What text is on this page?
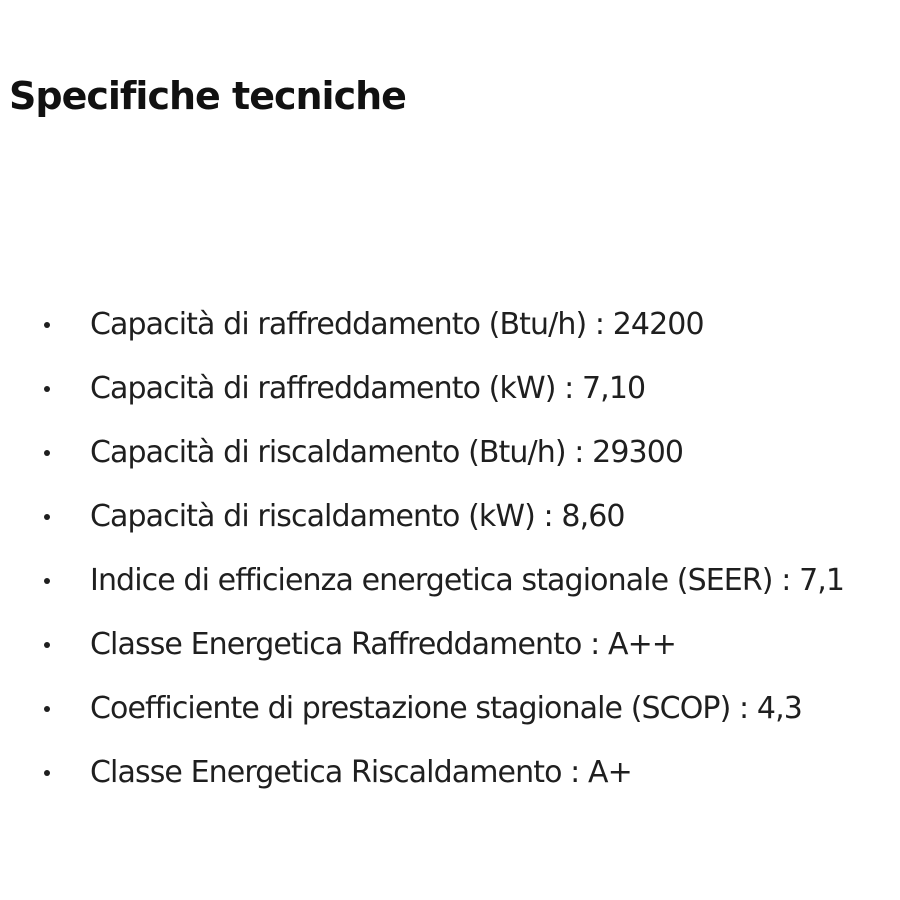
Specifiche tecniche
Capacità di raffreddamento (Btu/h) : 24200
Capacità di raffreddamento (kW) : 7,10
Capacità di riscaldamento (Btu/h) : 29300
Capacità di riscaldamento (kW) : 8,60
Indice di efficienza energetica stagionale (SEER) : 7,1
Classe Energetica Raffreddamento : A++
Coefficiente di prestazione stagionale (SCOP) : 4,3
Classe Energetica Riscaldamento : A+
